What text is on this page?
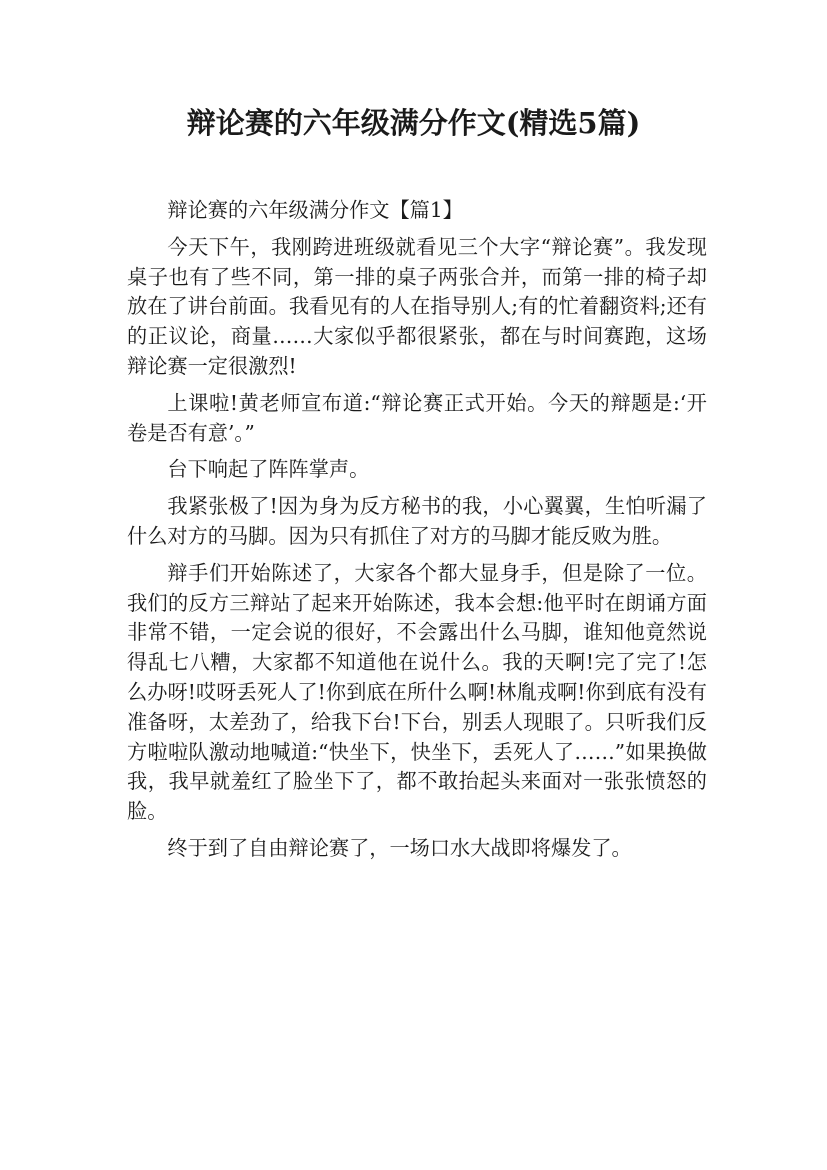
辩论赛的六年级满分作文(精选5篇)

辩论赛的六年级满分作文【篇1】

今天下午，我刚跨进班级就看见三个大字“辩论赛”。我发现桌子也有了些不同，第一排的桌子两张合并，而第一排的椅子却放在了讲台前面。我看见有的人在指导别人;有的忙着翻资料;还有的正议论，商量……大家似乎都很紧张，都在与时间赛跑，这场辩论赛一定很激烈!

上课啦!黄老师宣布道:“辩论赛正式开始。今天的辩题是:‘开卷是否有意’。”

台下响起了阵阵掌声。

我紧张极了!因为身为反方秘书的我，小心翼翼，生怕听漏了什么对方的马脚。因为只有抓住了对方的马脚才能反败为胜。

辩手们开始陈述了，大家各个都大显身手，但是除了一位。我们的反方三辩站了起来开始陈述，我本会想:他平时在朗诵方面非常不错，一定会说的很好，不会露出什么马脚，谁知他竟然说得乱七八糟，大家都不知道他在说什么。我的天啊!完了完了!怎么办呀!哎呀丢死人了!你到底在所什么啊!林胤戎啊!你到底有没有准备呀，太差劲了，给我下台!下台，别丢人现眼了。只听我们反方啦啦队激动地喊道:“快坐下，快坐下，丢死人了……”如果换做我，我早就羞红了脸坐下了，都不敢抬起头来面对一张张愤怒的脸。

终于到了自由辩论赛了，一场口水大战即将爆发了。
